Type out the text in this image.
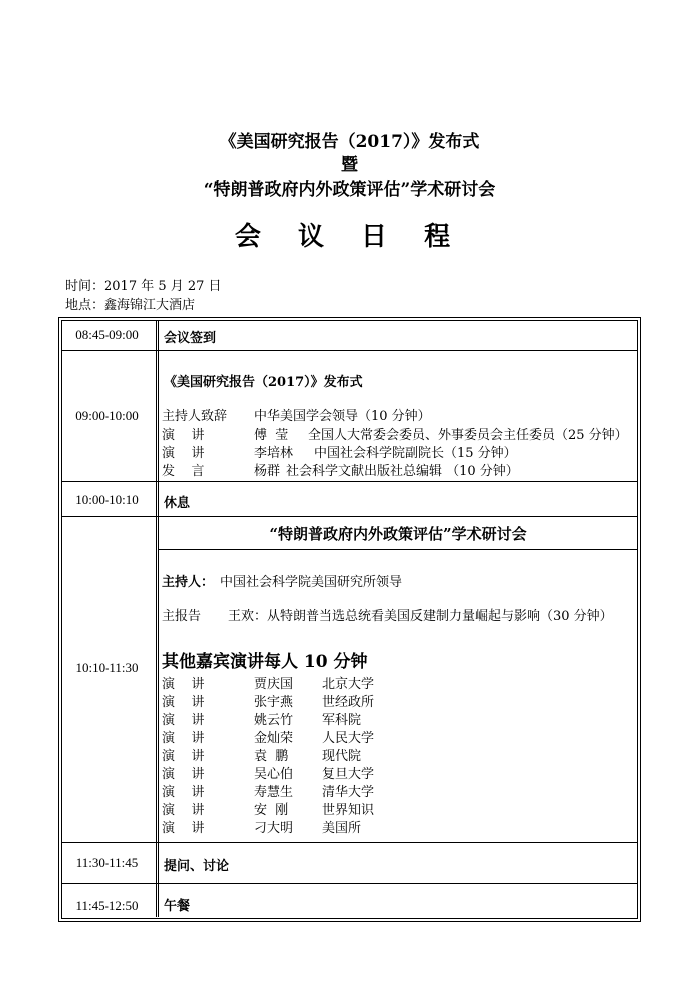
《美国研究报告（2017）》发布式
暨
“特朗普政府内外政策评估”学术研讨会
会 议 日 程
时间：2017 年 5 月 27 日
地点：鑫海锦江大酒店
08:45-09:00	会议签到
09:00-10:00
《美国研究报告（2017）》发布式
主持人致辞 中华美国学会领导（10 分钟）
演    讲	傅  莹 全国人大常委会委员、外事委员会主任委员（25 分钟）
演    讲	李培林 中国社会科学院副院长（15 分钟）
发    言	杨群 社会科学文献出版社总编辑 （10 分钟）
10:00-10:10	休息
10:10-11:30
“特朗普政府内外政策评估”学术研讨会
主持人： 中国社会科学院美国研究所领导
主报告 王欢：从特朗普当选总统看美国反建制力量崛起与影响（30 分钟）
其他嘉宾演讲每人 10 分钟
演    讲	贾庆国 北京大学
演    讲	张宇燕 世经政所
演    讲	姚云竹 军科院
演    讲	金灿荣 人民大学
演    讲	袁  鹏	现代院
演    讲	吴心伯 复旦大学
演    讲	寿慧生 清华大学
演    讲	安  刚	世界知识
演    讲	刁大明 美国所
11:30-11:45	提问、讨论
11:45-12:50	午餐
